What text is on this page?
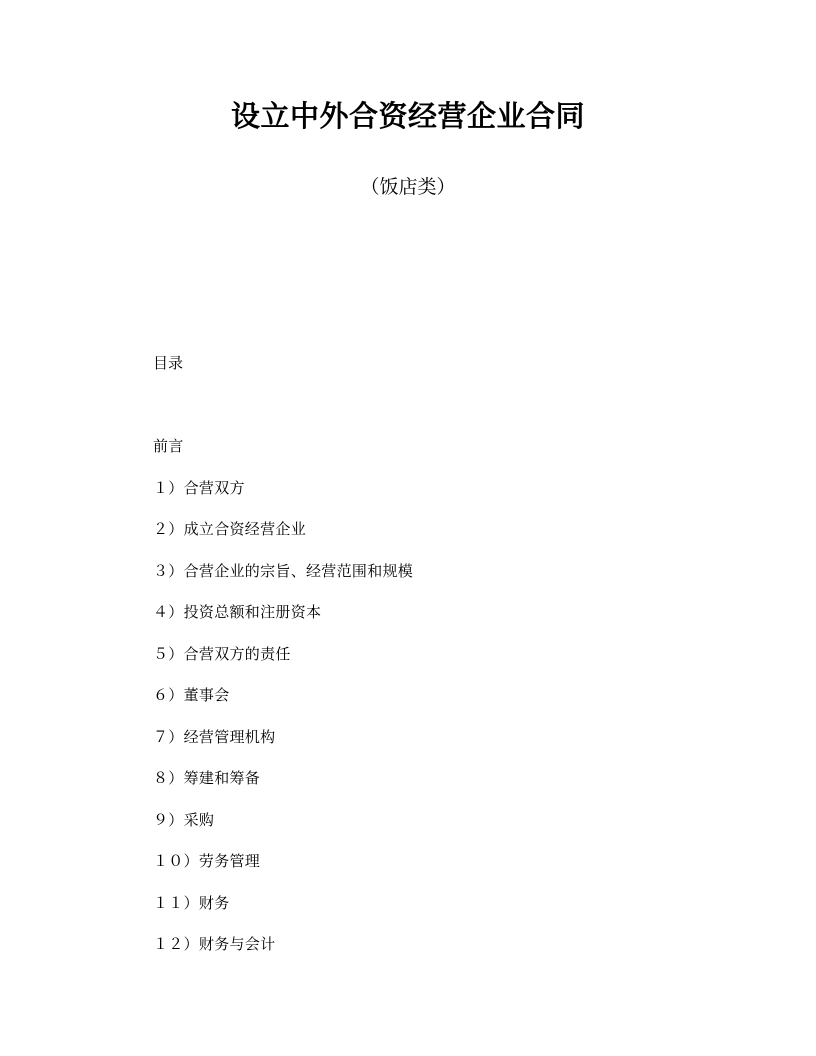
设立中外合资经营企业合同
（饭店类）
目录
前言
１）合营双方
２）成立合资经营企业
３）合营企业的宗旨、经营范围和规模
４）投资总额和注册资本
５）合营双方的责任
６）董事会
７）经营管理机构
８）筹建和筹备
９）采购
１０）劳务管理
１１）财务
１２）财务与会计
